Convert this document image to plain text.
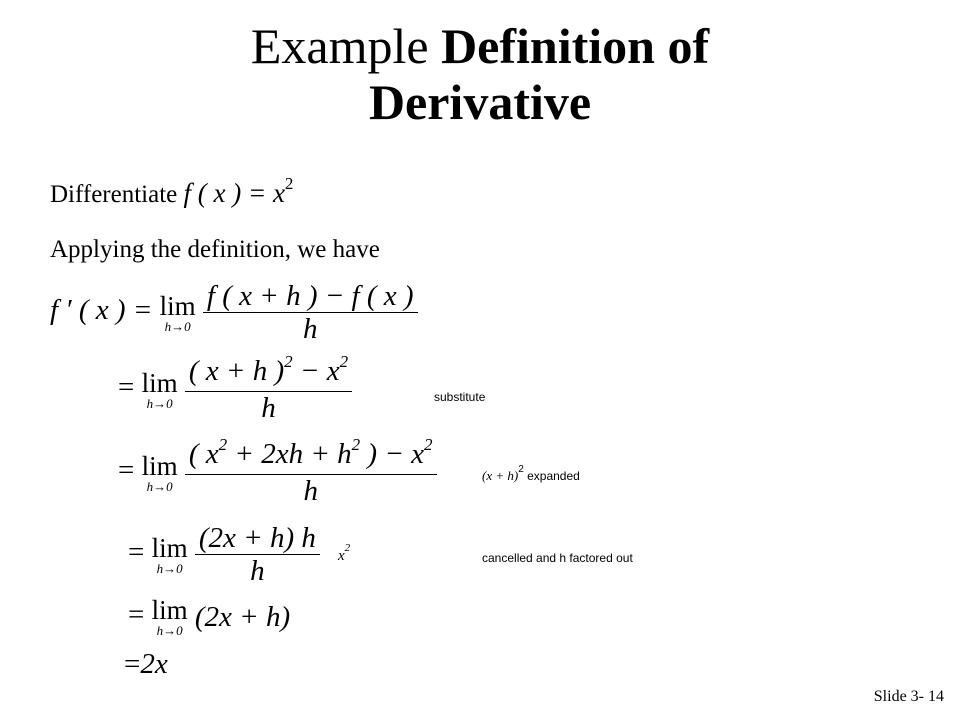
Example Definition of
Derivative
Differentiate f ( x ) = $x^2$
Applying the definition, we have
f ′ ( x ) = lim
h→0
$\frac{f ( x + h ) - f ( x )}{h}$
= lim
h→0
$\frac{( x + h )^2 - x^2}{h}$	substitute
= lim
h→0
$\frac{( x^2 + 2xh + h^2 ) - x^2}{h}$	$(x + h)^2$ expanded
= lim
h→0
$\frac{(2x + h) h}{h} x^2$
cancelled and h factored out
= lim
h→0 (2x + h)
=2x
Slide 3- 14
